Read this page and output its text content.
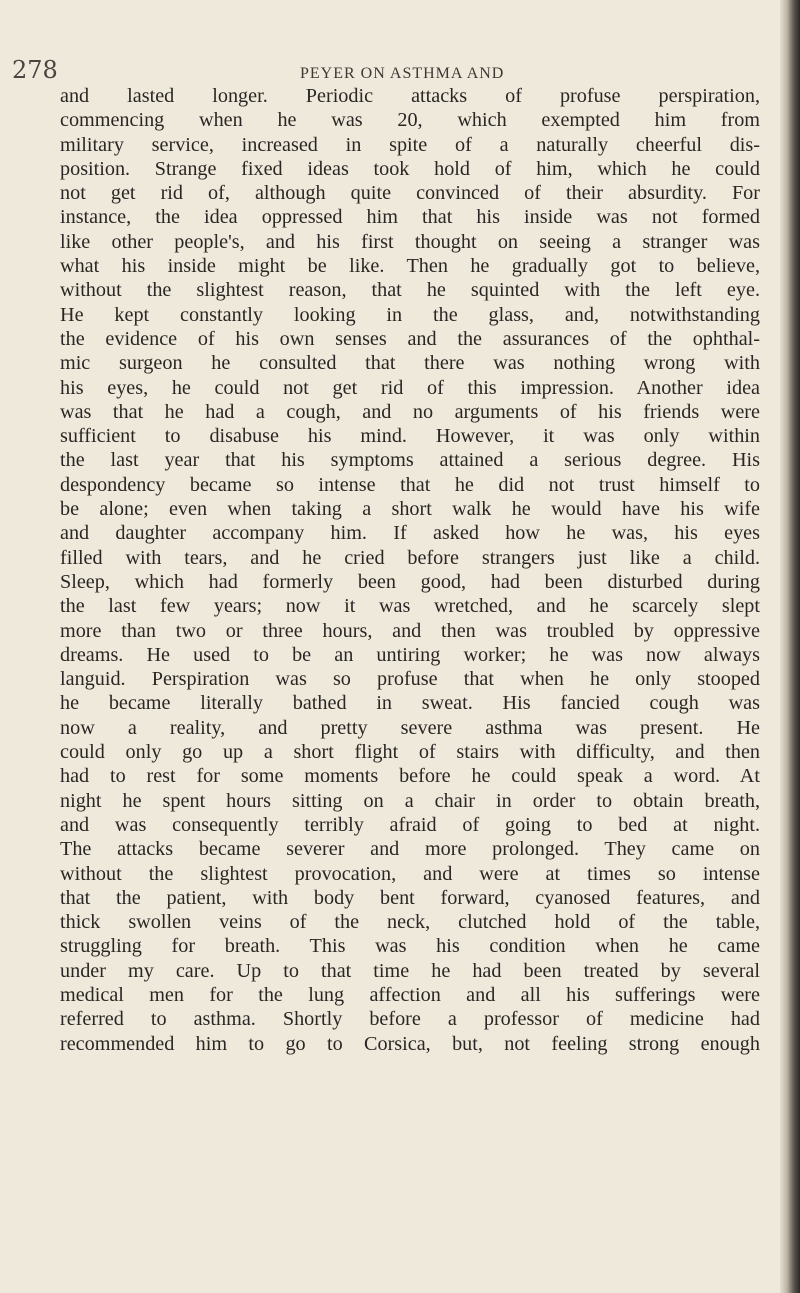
278	PEYER ON ASTHMA AND
and lasted longer. Periodic attacks of profuse perspiration,
commencing when he was 20, which exempted him from
military service, increased in spite of a naturally cheerful dis-
position. Strange fixed ideas took hold of him, which he could
not get rid of, although quite convinced of their absurdity. For
instance, the idea oppressed him that his inside was not formed
like other people's, and his first thought on seeing a stranger was
what his inside might be like. Then he gradually got to believe,
without the slightest reason, that he squinted with the left eye.
He kept constantly looking in the glass, and, notwithstanding
the evidence of his own senses and the assurances of the ophthal-
mic surgeon he consulted that there was nothing wrong with
his eyes, he could not get rid of this impression. Another idea
was that he had a cough, and no arguments of his friends were
sufficient to disabuse his mind. However, it was only within
the last year that his symptoms attained a serious degree. His
despondency became so intense that he did not trust himself to
be alone; even when taking a short walk he would have his wife
and daughter accompany him. If asked how he was, his eyes
filled with tears, and he cried before strangers just like a child.
Sleep, which had formerly been good, had been disturbed during
the last few years; now it was wretched, and he scarcely slept
more than two or three hours, and then was troubled by oppressive
dreams. He used to be an untiring worker; he was now always
languid. Perspiration was so profuse that when he only stooped
he became literally bathed in sweat. His fancied cough was
now a reality, and pretty severe asthma was present. He
could only go up a short flight of stairs with difficulty, and then
had to rest for some moments before he could speak a word. At
night he spent hours sitting on a chair in order to obtain breath,
and was consequently terribly afraid of going to bed at night.
The attacks became severer and more prolonged. They came on
without the slightest provocation, and were at times so intense
that the patient, with body bent forward, cyanosed features, and
thick swollen veins of the neck, clutched hold of the table,
struggling for breath. This was his condition when he came
under my care. Up to that time he had been treated by several
medical men for the lung affection and all his sufferings were
referred to asthma. Shortly before a professor of medicine had
recommended him to go to Corsica, but, not feeling strong enough
